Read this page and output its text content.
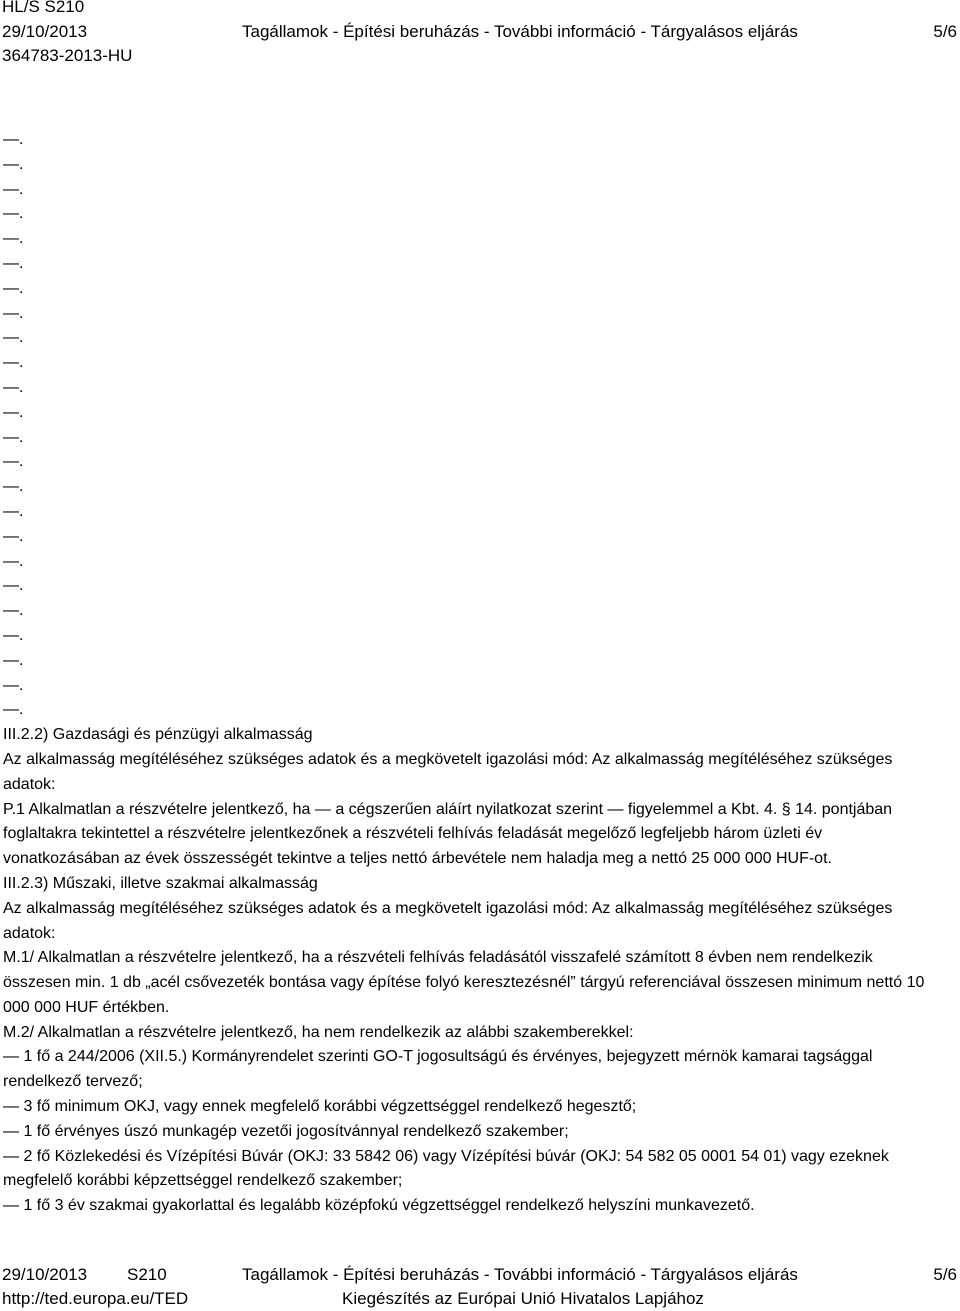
HL/S S210
29/10/2013	Tagállamok - Építési beruházás - További információ - Tárgyalásos eljárás	5/6
364783-2013-HU
—.
—.
—.
—.
—.
—.
—.
—.
—.
—.
—.
—.
—.
—.
—.
—.
—.
—.
—.
—.
—.
—.
—.
—.

III.2.2) Gazdasági és pénzügyi alkalmasság

Az alkalmasság megítéléséhez szükséges adatok és a megkövetelt igazolási mód: Az alkalmasság megítéléséhez szükséges adatok:

P.1 Alkalmatlan a részvételre jelentkező, ha — a cégszerűen aláírt nyilatkozat szerint — figyelemmel a Kbt. 4. § 14. pontjában foglaltakra tekintettel a részvételre jelentkezőnek a részvételi felhívás feladását megelőző legfeljebb három üzleti év vonatkozásában az évek összességét tekintve a teljes nettó árbevétele nem haladja meg a nettó 25 000 000 HUF-ot.

III.2.3) Műszaki, illetve szakmai alkalmasság

Az alkalmasság megítéléséhez szükséges adatok és a megkövetelt igazolási mód: Az alkalmasság megítéléséhez szükséges adatok:

M.1/ Alkalmatlan a részvételre jelentkező, ha a részvételi felhívás feladásától visszafelé számított 8 évben nem rendelkezik összesen min. 1 db „acél csővezeték bontása vagy építése folyó keresztezésnél” tárgyú referenciával összesen minimum nettó 10 000 000 HUF értékben.

M.2/ Alkalmatlan a részvételre jelentkező, ha nem rendelkezik az alábbi szakemberekkel:

— 1 fő a 244/2006 (XII.5.) Kormányrendelet szerinti GO-T jogosultságú és érvényes, bejegyzett mérnök kamarai tagsággal rendelkező tervező;

— 3 fő minimum OKJ, vagy ennek megfelelő korábbi végzettséggel rendelkező hegesztő;

— 1 fő érvényes úszó munkagép vezetői jogosítvánnyal rendelkező szakember;

— 2 fő Közlekedési és Vízépítési Búvár (OKJ: 33 5842 06) vagy Vízépítési búvár (OKJ: 54 582 05 0001 54 01) vagy ezeknek megfelelő korábbi képzettséggel rendelkező szakember;

— 1 fő 3 év szakmai gyakorlattal és legalább középfokú végzettséggel rendelkező helyszíni munkavezető.

29/10/2013 S210	Tagállamok - Építési beruházás - További információ - Tárgyalásos eljárás	5/6
http://ted.europa.eu/TED	Kiegészítés az Európai Unió Hivatalos Lapjához
